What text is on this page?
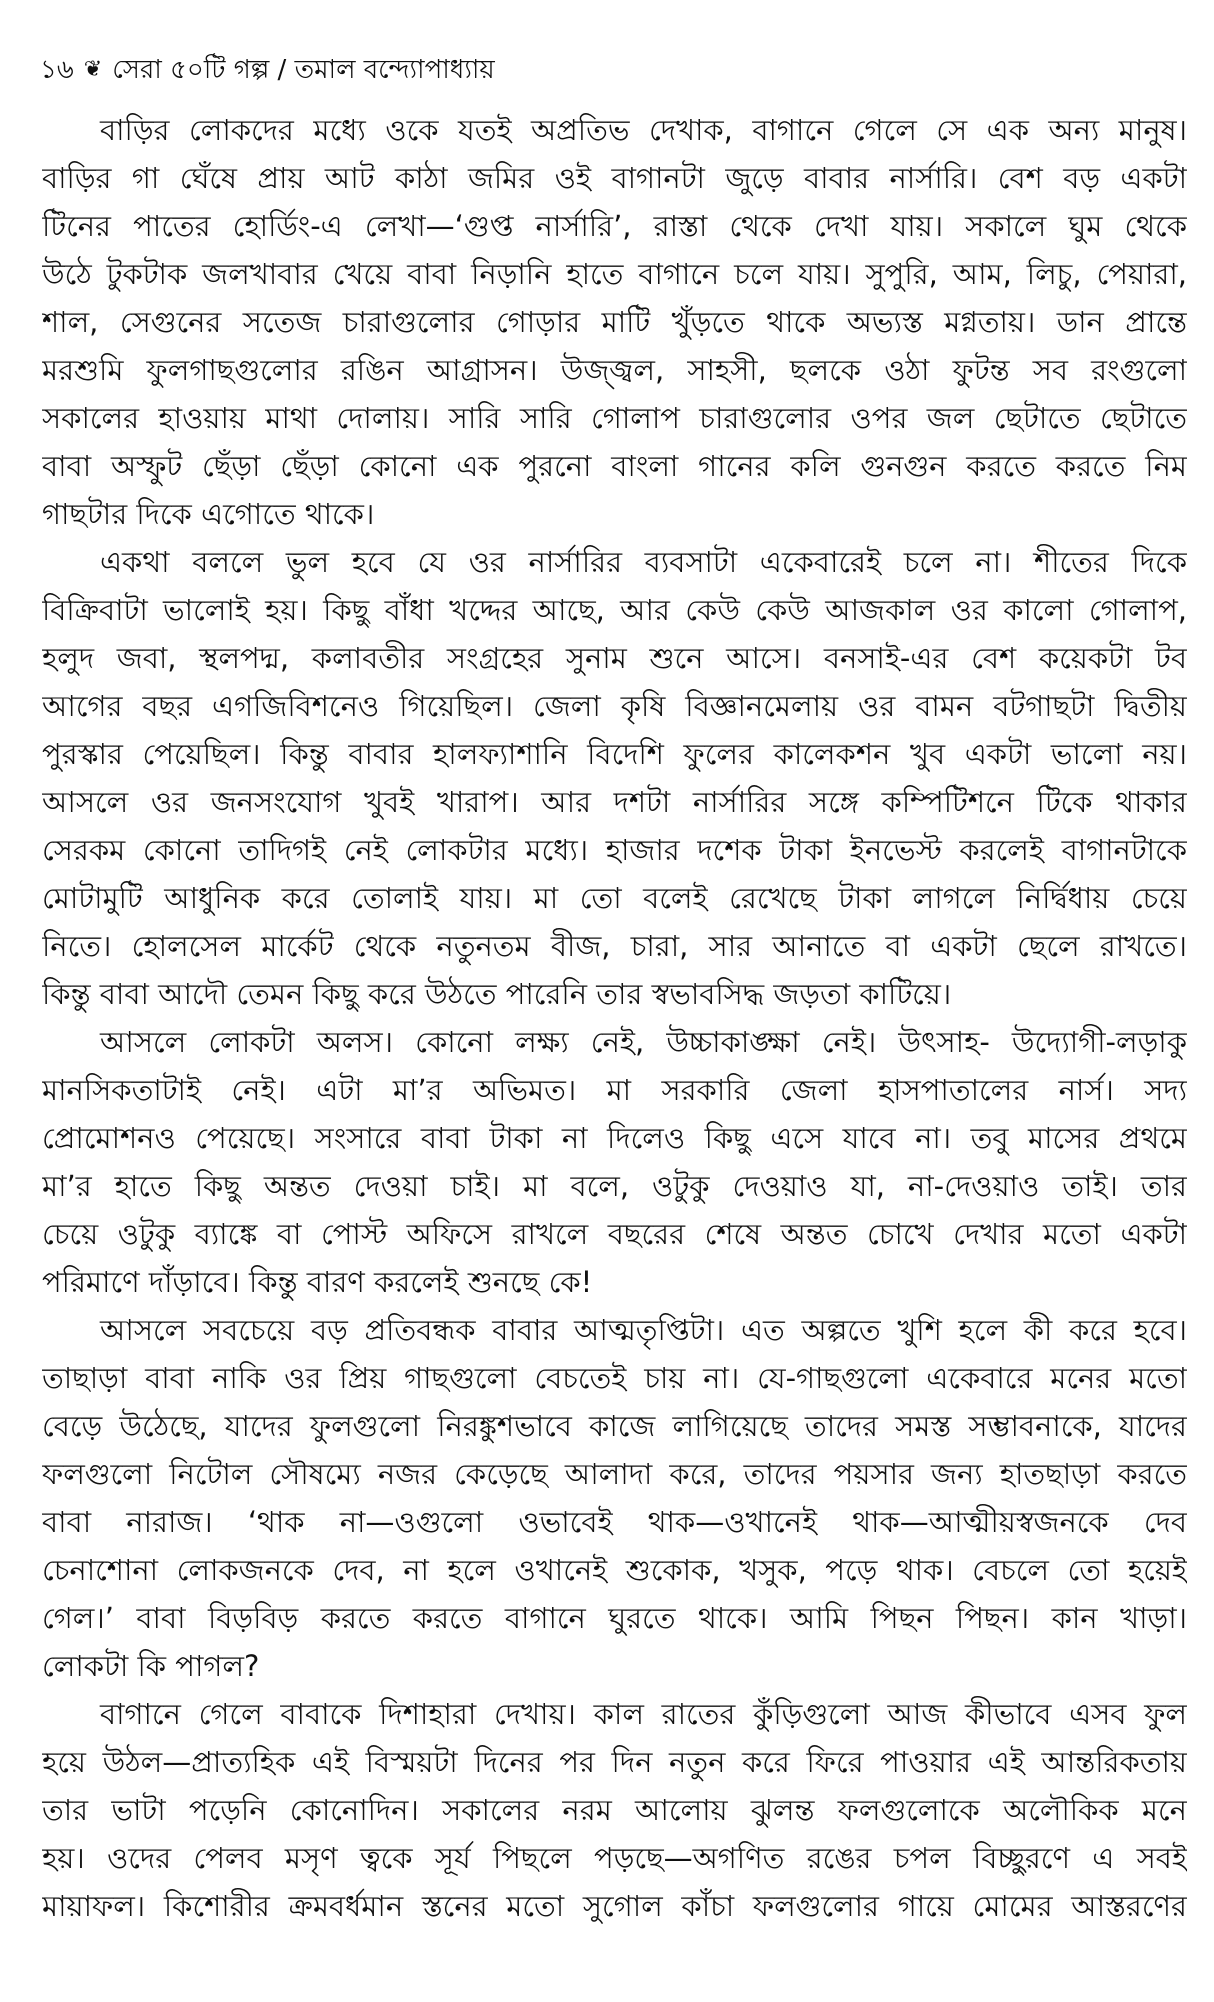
১৬ ❦ সেরা ৫০টি গল্প / তমাল বন্দ্যোপাধ্যায়
বাড়ির লোকদের মধ্যে ওকে যতই অপ্রতিভ দেখাক, বাগানে গেলে সে এক অন্য মানুষ।
বাড়ির গা ঘেঁষে প্রায় আট কাঠা জমির ওই বাগানটা জুড়ে বাবার নার্সারি। বেশ বড় একটা
টিনের পাতের হোর্ডিং-এ লেখা—‘গুপ্ত নার্সারি’, রাস্তা থেকে দেখা যায়। সকালে ঘুম থেকে
উঠে টুকটাক জলখাবার খেয়ে বাবা নিড়ানি হাতে বাগানে চলে যায়। সুপুরি, আম, লিচু, পেয়ারা,
শাল, সেগুনের সতেজ চারাগুলোর গোড়ার মাটি খুঁড়তে থাকে অভ্যস্ত মগ্নতায়। ডান প্রান্তে
মরশুমি ফুলগাছগুলোর রঙিন আগ্রাসন। উজ্জ্বল, সাহসী, ছলকে ওঠা ফুটন্ত সব রংগুলো
সকালের হাওয়ায় মাথা দোলায়। সারি সারি গোলাপ চারাগুলোর ওপর জল ছেটাতে ছেটাতে
বাবা অস্ফুট ছেঁড়া ছেঁড়া কোনো এক পুরনো বাংলা গানের কলি গুনগুন করতে করতে নিম
গাছটার দিকে এগোতে থাকে।
একথা বললে ভুল হবে যে ওর নার্সারির ব্যবসাটা একেবারেই চলে না। শীতের দিকে
বিক্রিবাটা ভালোই হয়। কিছু বাঁধা খদ্দের আছে, আর কেউ কেউ আজকাল ওর কালো গোলাপ,
হলুদ জবা, স্থলপদ্ম, কলাবতীর সংগ্রহের সুনাম শুনে আসে। বনসাই-এর বেশ কয়েকটা টব
আগের বছর এগজিবিশনেও গিয়েছিল। জেলা কৃষি বিজ্ঞানমেলায় ওর বামন বটগাছটা দ্বিতীয়
পুরস্কার পেয়েছিল। কিন্তু বাবার হালফ্যাশানি বিদেশি ফুলের কালেকশন খুব একটা ভালো নয়।
আসলে ওর জনসংযোগ খুবই খারাপ। আর দশটা নার্সারির সঙ্গে কম্পিটিশনে টিকে থাকার
সেরকম কোনো তাদিগই নেই লোকটার মধ্যে। হাজার দশেক টাকা ইনভেস্ট করলেই বাগানটাকে
মোটামুটি আধুনিক করে তোলাই যায়। মা তো বলেই রেখেছে টাকা লাগলে নির্দ্বিধায় চেয়ে
নিতে। হোলসেল মার্কেট থেকে নতুনতম বীজ, চারা, সার আনাতে বা একটা ছেলে রাখতে।
কিন্তু বাবা আদৌ তেমন কিছু করে উঠতে পারেনি তার স্বভাবসিদ্ধ জড়তা কাটিয়ে।
আসলে লোকটা অলস। কোনো লক্ষ্য নেই, উচ্চাকাঙ্ক্ষা নেই। উৎসাহ- উদ্যোগী-লড়াকু
মানসিকতাটাই নেই। এটা মা’র অভিমত। মা সরকারি জেলা হাসপাতালের নার্স। সদ্য
প্রোমোশনও পেয়েছে। সংসারে বাবা টাকা না দিলেও কিছু এসে যাবে না। তবু মাসের প্রথমে
মা’র হাতে কিছু অন্তত দেওয়া চাই। মা বলে, ওটুকু দেওয়াও যা, না-দেওয়াও তাই। তার
চেয়ে ওটুকু ব্যাঙ্কে বা পোস্ট অফিসে রাখলে বছরের শেষে অন্তত চোখে দেখার মতো একটা
পরিমাণে দাঁড়াবে। কিন্তু বারণ করলেই শুনছে কে!
আসলে সবচেয়ে বড় প্রতিবন্ধক বাবার আত্মতৃপ্তিটা। এত অল্পতে খুশি হলে কী করে হবে।
তাছাড়া বাবা নাকি ওর প্রিয় গাছগুলো বেচতেই চায় না। যে-গাছগুলো একেবারে মনের মতো
বেড়ে উঠেছে, যাদের ফুলগুলো নিরঙ্কুশভাবে কাজে লাগিয়েছে তাদের সমস্ত সম্ভাবনাকে, যাদের
ফলগুলো নিটোল সৌষম্যে নজর কেড়েছে আলাদা করে, তাদের পয়সার জন্য হাতছাড়া করতে
বাবা নারাজ। ‘থাক না—ওগুলো ওভাবেই থাক—ওখানেই থাক—আত্মীয়স্বজনকে দেব
চেনাশোনা লোকজনকে দেব, না হলে ওখানেই শুকোক, খসুক, পড়ে থাক। বেচলে তো হয়েই
গেল।’ বাবা বিড়বিড় করতে করতে বাগানে ঘুরতে থাকে। আমি পিছন পিছন। কান খাড়া।
লোকটা কি পাগল?
বাগানে গেলে বাবাকে দিশাহারা দেখায়। কাল রাতের কুঁড়িগুলো আজ কীভাবে এসব ফুল
হয়ে উঠল—প্রাত্যহিক এই বিস্ময়টা দিনের পর দিন নতুন করে ফিরে পাওয়ার এই আন্তরিকতায়
তার ভাটা পড়েনি কোনোদিন। সকালের নরম আলোয় ঝুলন্ত ফলগুলোকে অলৌকিক মনে
হয়। ওদের পেলব মসৃণ ত্বকে সূর্য পিছলে পড়ছে—অগণিত রঙের চপল বিচ্ছুরণে এ সবই
মায়াফল। কিশোরীর ক্রমবর্ধমান স্তনের মতো সুগোল কাঁচা ফলগুলোর গায়ে মোমের আস্তরণের
